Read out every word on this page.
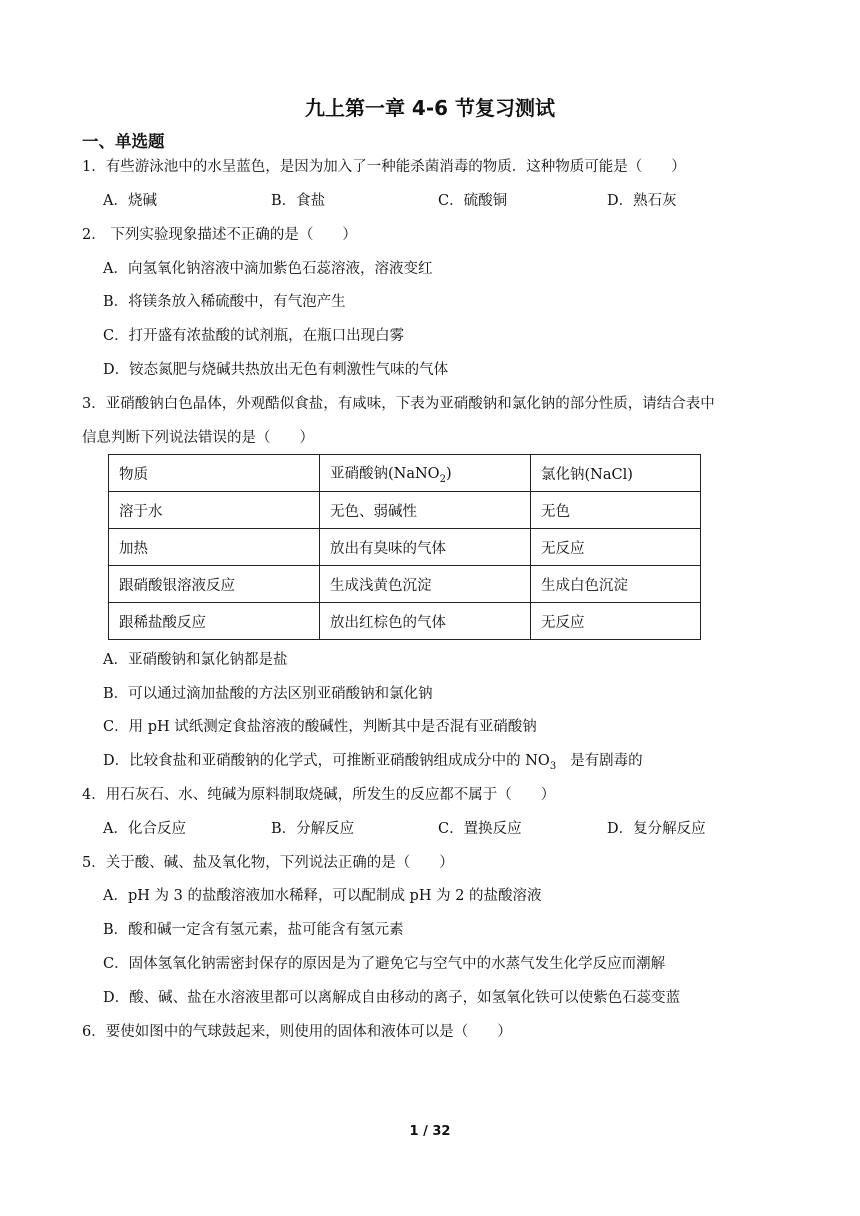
九上第一章 4-6 节复习测试
一、单选题
1．有些游泳池中的水呈蓝色，是因为加入了一种能杀菌消毒的物质．这种物质可能是（　　）
A．烧碱	B．食盐	C．硫酸铜	D．熟石灰
2． 下列实验现象描述不正确的是（　　）
A．向氢氧化钠溶液中滴加紫色石蕊溶液，溶液变红
B．将镁条放入稀硫酸中，有气泡产生
C．打开盛有浓盐酸的试剂瓶，在瓶口出现白雾
D．铵态氮肥与烧碱共热放出无色有刺激性气味的气体
3．亚硝酸钠白色晶体，外观酷似食盐，有咸味，下表为亚硝酸钠和氯化钠的部分性质，请结合表中
信息判断下列说法错误的是（　　）
物质	亚硝酸钠(NaNO$_2$)	氯化钠(NaCl)
溶于水	无色、弱碱性	无色
加热	放出有臭味的气体	无反应
跟硝酸银溶液反应	生成浅黄色沉淀	生成白色沉淀
跟稀盐酸反应	放出红棕色的气体	无反应
A．亚硝酸钠和氯化钠都是盐
B．可以通过滴加盐酸的方法区别亚硝酸钠和氯化钠
C．用 pH 试纸测定食盐溶液的酸碱性，判断其中是否混有亚硝酸钠
D．比较食盐和亚硝酸钠的化学式，可推断亚硝酸钠组成成分中的 $NO_3$ 是有剧毒的
4．用石灰石、水、纯碱为原料制取烧碱，所发生的反应都不属于（　　）
A．化合反应	B．分解反应	C．置换反应	D．复分解反应
5．关于酸、碱、盐及氧化物，下列说法正确的是（　　）
A．pH 为 3 的盐酸溶液加水稀释，可以配制成 pH 为 2 的盐酸溶液
B．酸和碱一定含有氢元素，盐可能含有氢元素
C．固体氢氧化钠需密封保存的原因是为了避免它与空气中的水蒸气发生化学反应而潮解
D．酸、碱、盐在水溶液里都可以离解成自由移动的离子，如氢氧化铁可以使紫色石蕊变蓝
6．要使如图中的气球鼓起来，则使用的固体和液体可以是（　　）
1 / 32
